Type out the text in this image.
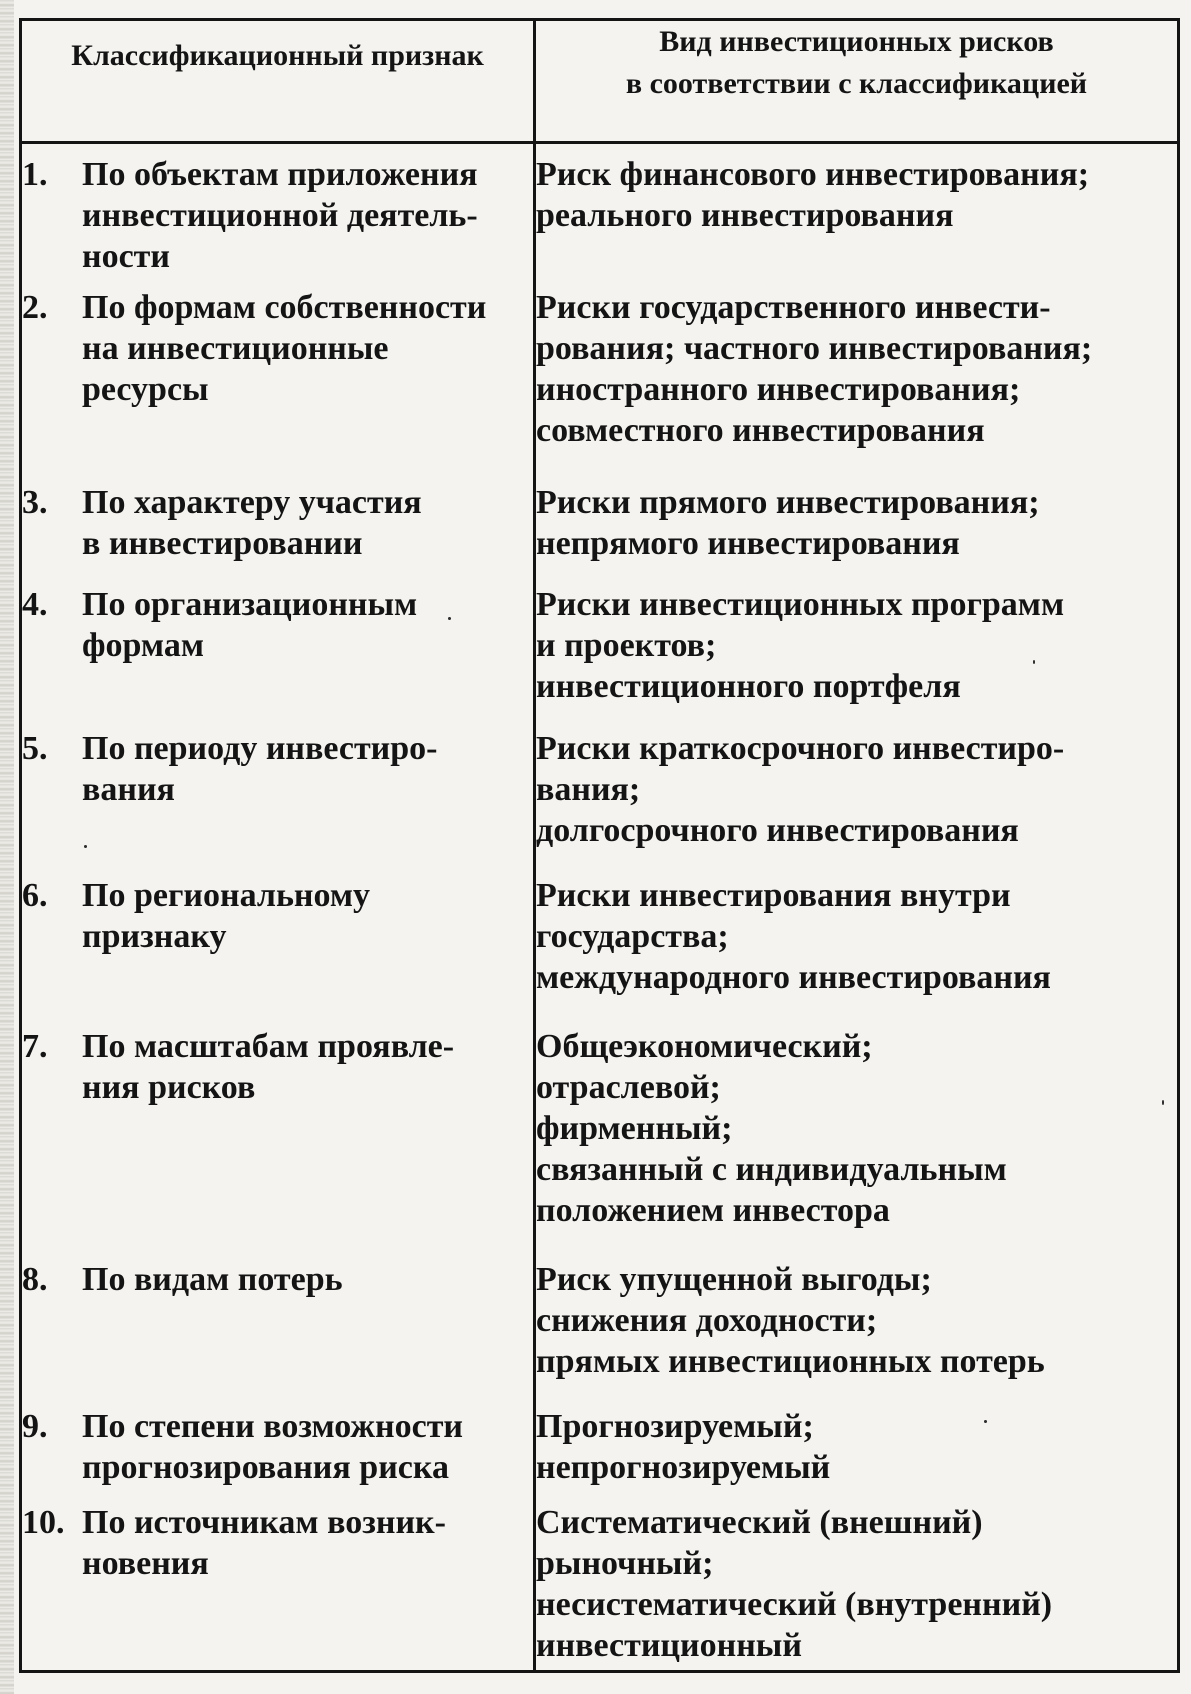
Классификационный признак	Вид инвестиционных рисков
в соответствии с классификацией

1. По объектам приложения
инвестиционной деятель-
ности	Риск финансового инвестирования;
реального инвестирования

2. По формам собственности
на инвестиционные
ресурсы	Риски государственного инвести-
рования; частного инвестирования;
иностранного инвестирования;
совместного инвестирования

3. По характеру участия
в инвестировании	Риски прямого инвестирования;
непрямого инвестирования

4. По организационным
формам	Риски инвестиционных программ
и проектов;
инвестиционного портфеля

5. По периоду инвестиро-
вания	Риски краткосрочного инвестиро-
вания;
долгосрочного инвестирования

6. По региональному
признаку	Риски инвестирования внутри
государства;
международного инвестирования

7. По масштабам проявле-
ния рисков	Общеэкономический;
отраслевой;
фирменный;
связанный с индивидуальным
положением инвестора

8. По видам потерь	Риск упущенной выгоды;
снижения доходности;
прямых инвестиционных потерь

9. По степени возможности
прогнозирования риска	Прогнозируемый;
непрогнозируемый

10. По источникам возник-
новения	Систематический (внешний)
рыночный;
несистематический (внутренний)
инвестиционный
